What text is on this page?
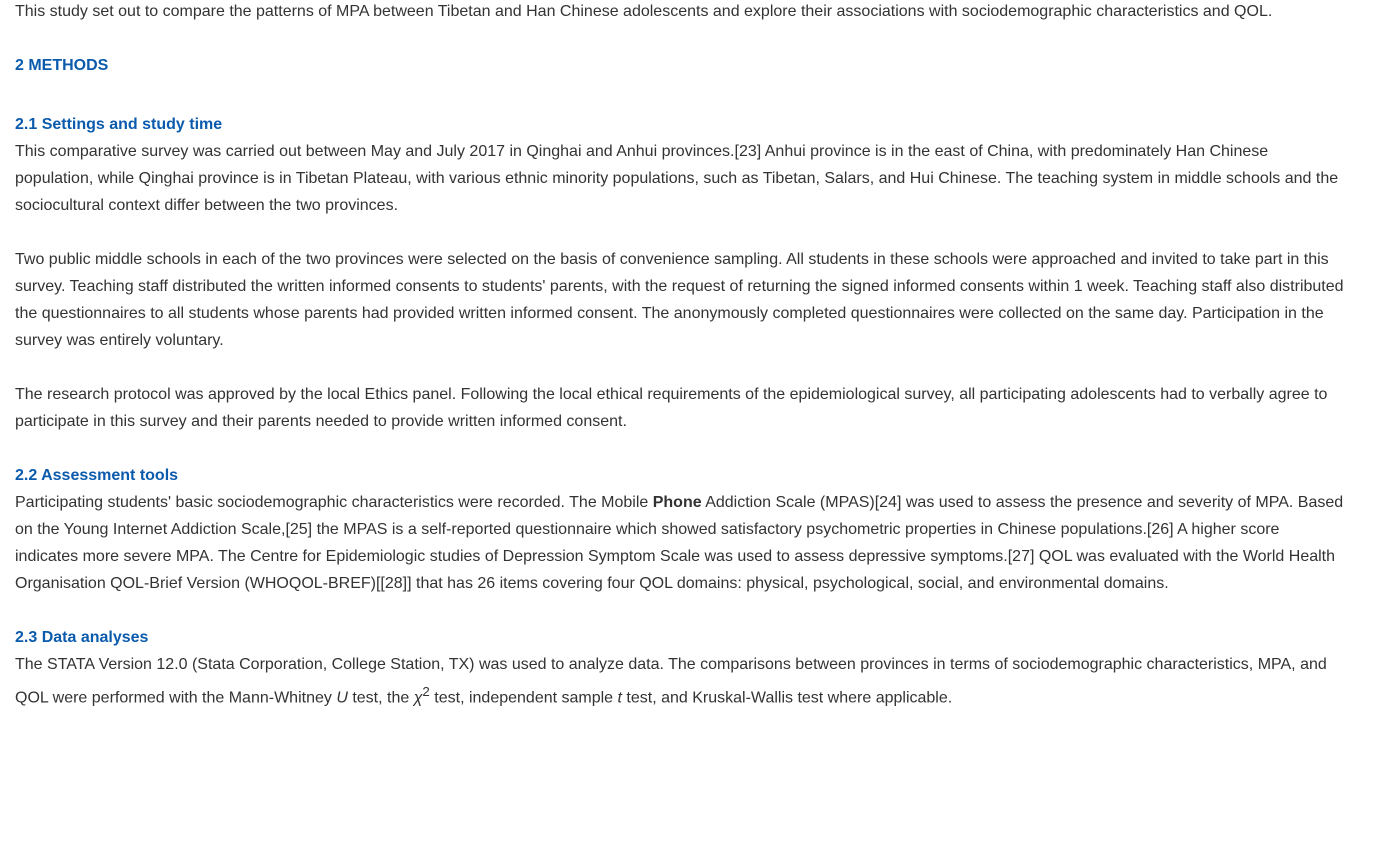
This study set out to compare the patterns of MPA between Tibetan and Han Chinese adolescents and explore their associations with sociodemographic characteristics and QOL.

2 METHODS
2.1 Settings and study time

This comparative survey was carried out between May and July 2017 in Qinghai and Anhui provinces.[23] Anhui province is in the east of China, with predominately Han Chinese population, while Qinghai province is in Tibetan Plateau, with various ethnic minority populations, such as Tibetan, Salars, and Hui Chinese. The teaching system in middle schools and the sociocultural context differ between the two provinces.

Two public middle schools in each of the two provinces were selected on the basis of convenience sampling. All students in these schools were approached and invited to take part in this survey. Teaching staff distributed the written informed consents to students' parents, with the request of returning the signed informed consents within 1 week. Teaching staff also distributed the questionnaires to all students whose parents had provided written informed consent. The anonymously completed questionnaires were collected on the same day. Participation in the survey was entirely voluntary.

The research protocol was approved by the local Ethics panel. Following the local ethical requirements of the epidemiological survey, all participating adolescents had to verbally agree to participate in this survey and their parents needed to provide written informed consent.

2.2 Assessment tools

Participating students' basic sociodemographic characteristics were recorded. The Mobile Phone Addiction Scale (MPAS)[24] was used to assess the presence and severity of MPA. Based on the Young Internet Addiction Scale,[25] the MPAS is a self-reported questionnaire which showed satisfactory psychometric properties in Chinese populations.[26] A higher score indicates more severe MPA. The Centre for Epidemiologic studies of Depression Symptom Scale was used to assess depressive symptoms.[27] QOL was evaluated with the World Health Organisation QOL-Brief Version (WHOQOL-BREF)[[28]] that has 26 items covering four QOL domains: physical, psychological, social, and environmental domains.

2.3 Data analyses

The STATA Version 12.0 (Stata Corporation, College Station, TX) was used to analyze data. The comparisons between provinces in terms of sociodemographic characteristics, MPA, and QOL were performed with the Mann-Whitney U test, the $\chi^2$ test, independent sample t test, and Kruskal-Wallis test where applicable.
